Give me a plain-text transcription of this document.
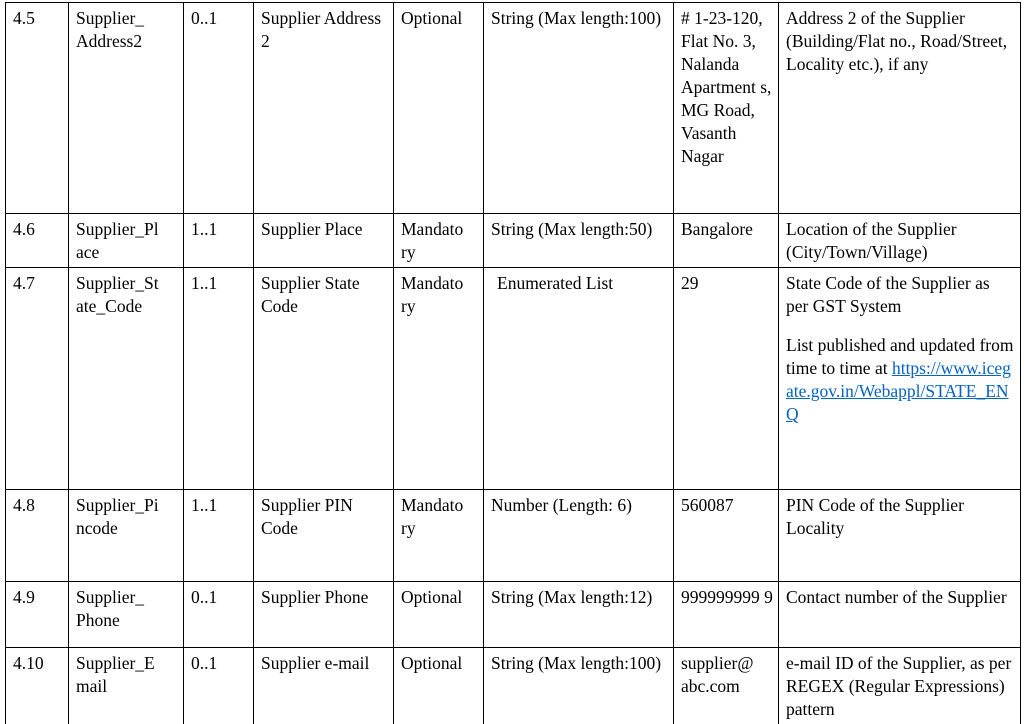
4.5	Supplier_ Address2	0..1	Supplier Address 2	Optional	String (Max length:100)	# 1-23-120, Flat No. 3, Nalanda Apartment s, MG Road, Vasanth Nagar	Address 2 of the Supplier (Building/Flat no., Road/Street, Locality etc.), if any
4.6	Supplier_Pl ace	1..1	Supplier Place	Mandato ry	String (Max length:50)	Bangalore	Location of the Supplier (City/Town/Village)
4.7	Supplier_St ate_Code	1..1	Supplier State Code	Mandato ry	Enumerated List	29	State Code of the Supplier as per GST System

List published and updated from time to time at https://www.icegate.gov.in/Webappl/STATE_ENQ

4.8	Supplier_Pi ncode	1..1	Supplier PIN Code	Mandato ry	Number (Length: 6)	560087	PIN Code of the Supplier Locality
4.9	Supplier_ Phone	0..1	Supplier Phone	Optional	String (Max length:12)	999999999 9	Contact number of the Supplier
4.10	Supplier_E mail	0..1	Supplier e-mail	Optional	String (Max length:100)	supplier@ abc.com	e-mail ID of the Supplier, as per REGEX (Regular Expressions) pattern
